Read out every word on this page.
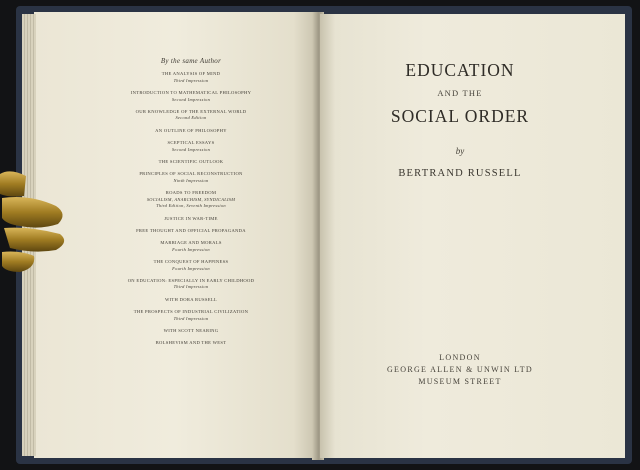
By the same Author
THE ANALYSIS OF MIND
Third Impression
INTRODUCTION TO MATHEMATICAL PHILOSOPHY
Second Impression
OUR KNOWLEDGE OF THE EXTERNAL WORLD
Second Edition
AN OUTLINE OF PHILOSOPHY
SCEPTICAL ESSAYS
Second Impression
THE SCIENTIFIC OUTLOOK
PRINCIPLES OF SOCIAL RECONSTRUCTION
Ninth Impression
ROADS TO FREEDOM
SOCIALISM, ANARCHISM, SYNDICALISM
Third Edition, Seventh Impression
JUSTICE IN WAR-TIME
FREE THOUGHT AND OFFICIAL PROPAGANDA
MARRIAGE AND MORALS
Fourth Impression
THE CONQUEST OF HAPPINESS
Fourth Impression
ON EDUCATION: ESPECIALLY IN EARLY CHILDHOOD
Third Impression
WITH DORA RUSSELL
THE PROSPECTS OF INDUSTRIAL CIVILIZATION
Third Impression
WITH SCOTT NEARING
BOLSHEVISM AND THE WEST
EDUCATION
AND THE
SOCIAL ORDER
by
BERTRAND RUSSELL
LONDON
GEORGE ALLEN & UNWIN LTD
MUSEUM STREET
